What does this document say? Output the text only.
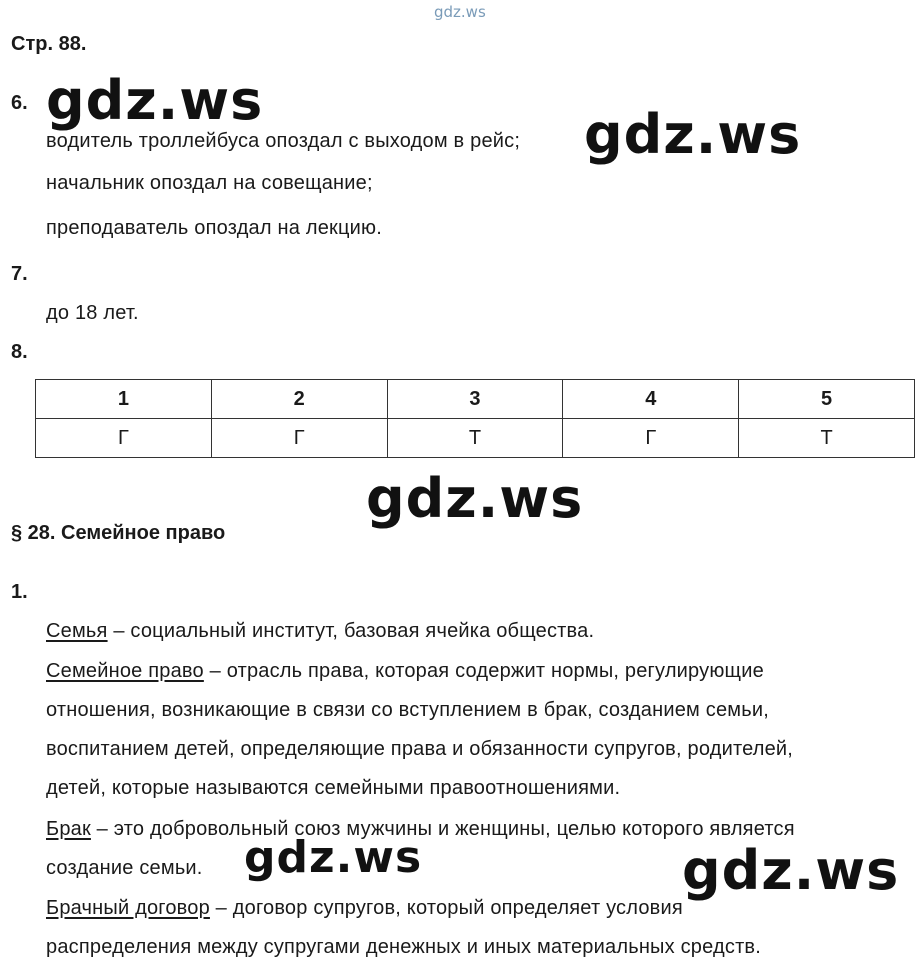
gdz.ws
Стр. 88.
6.
водитель троллейбуса опоздал с выходом в рейс;
начальник опоздал на совещание;
преподаватель опоздал на лекцию.
7.
до 18 лет.
8.
1	2	3	4	5
Г	Г	Т	Г	Т
§ 28. Семейное право
1.
Семья – социальный институт, базовая ячейка общества.
Семейное право – отрасль права, которая содержит нормы, регулирующие
отношения, возникающие в связи со вступлением в брак, созданием семьи,
воспитанием детей, определяющие права и обязанности супругов, родителей,
детей, которые называются семейными правоотношениями.
Брак – это добровольный союз мужчины и женщины, целью которого является
создание семьи.
Брачный договор – договор супругов, который определяет условия
распределения между супругами денежных и иных материальных средств.
gdz.ws
gdz.ws
gdz.ws
gdz.ws	gdz.ws
